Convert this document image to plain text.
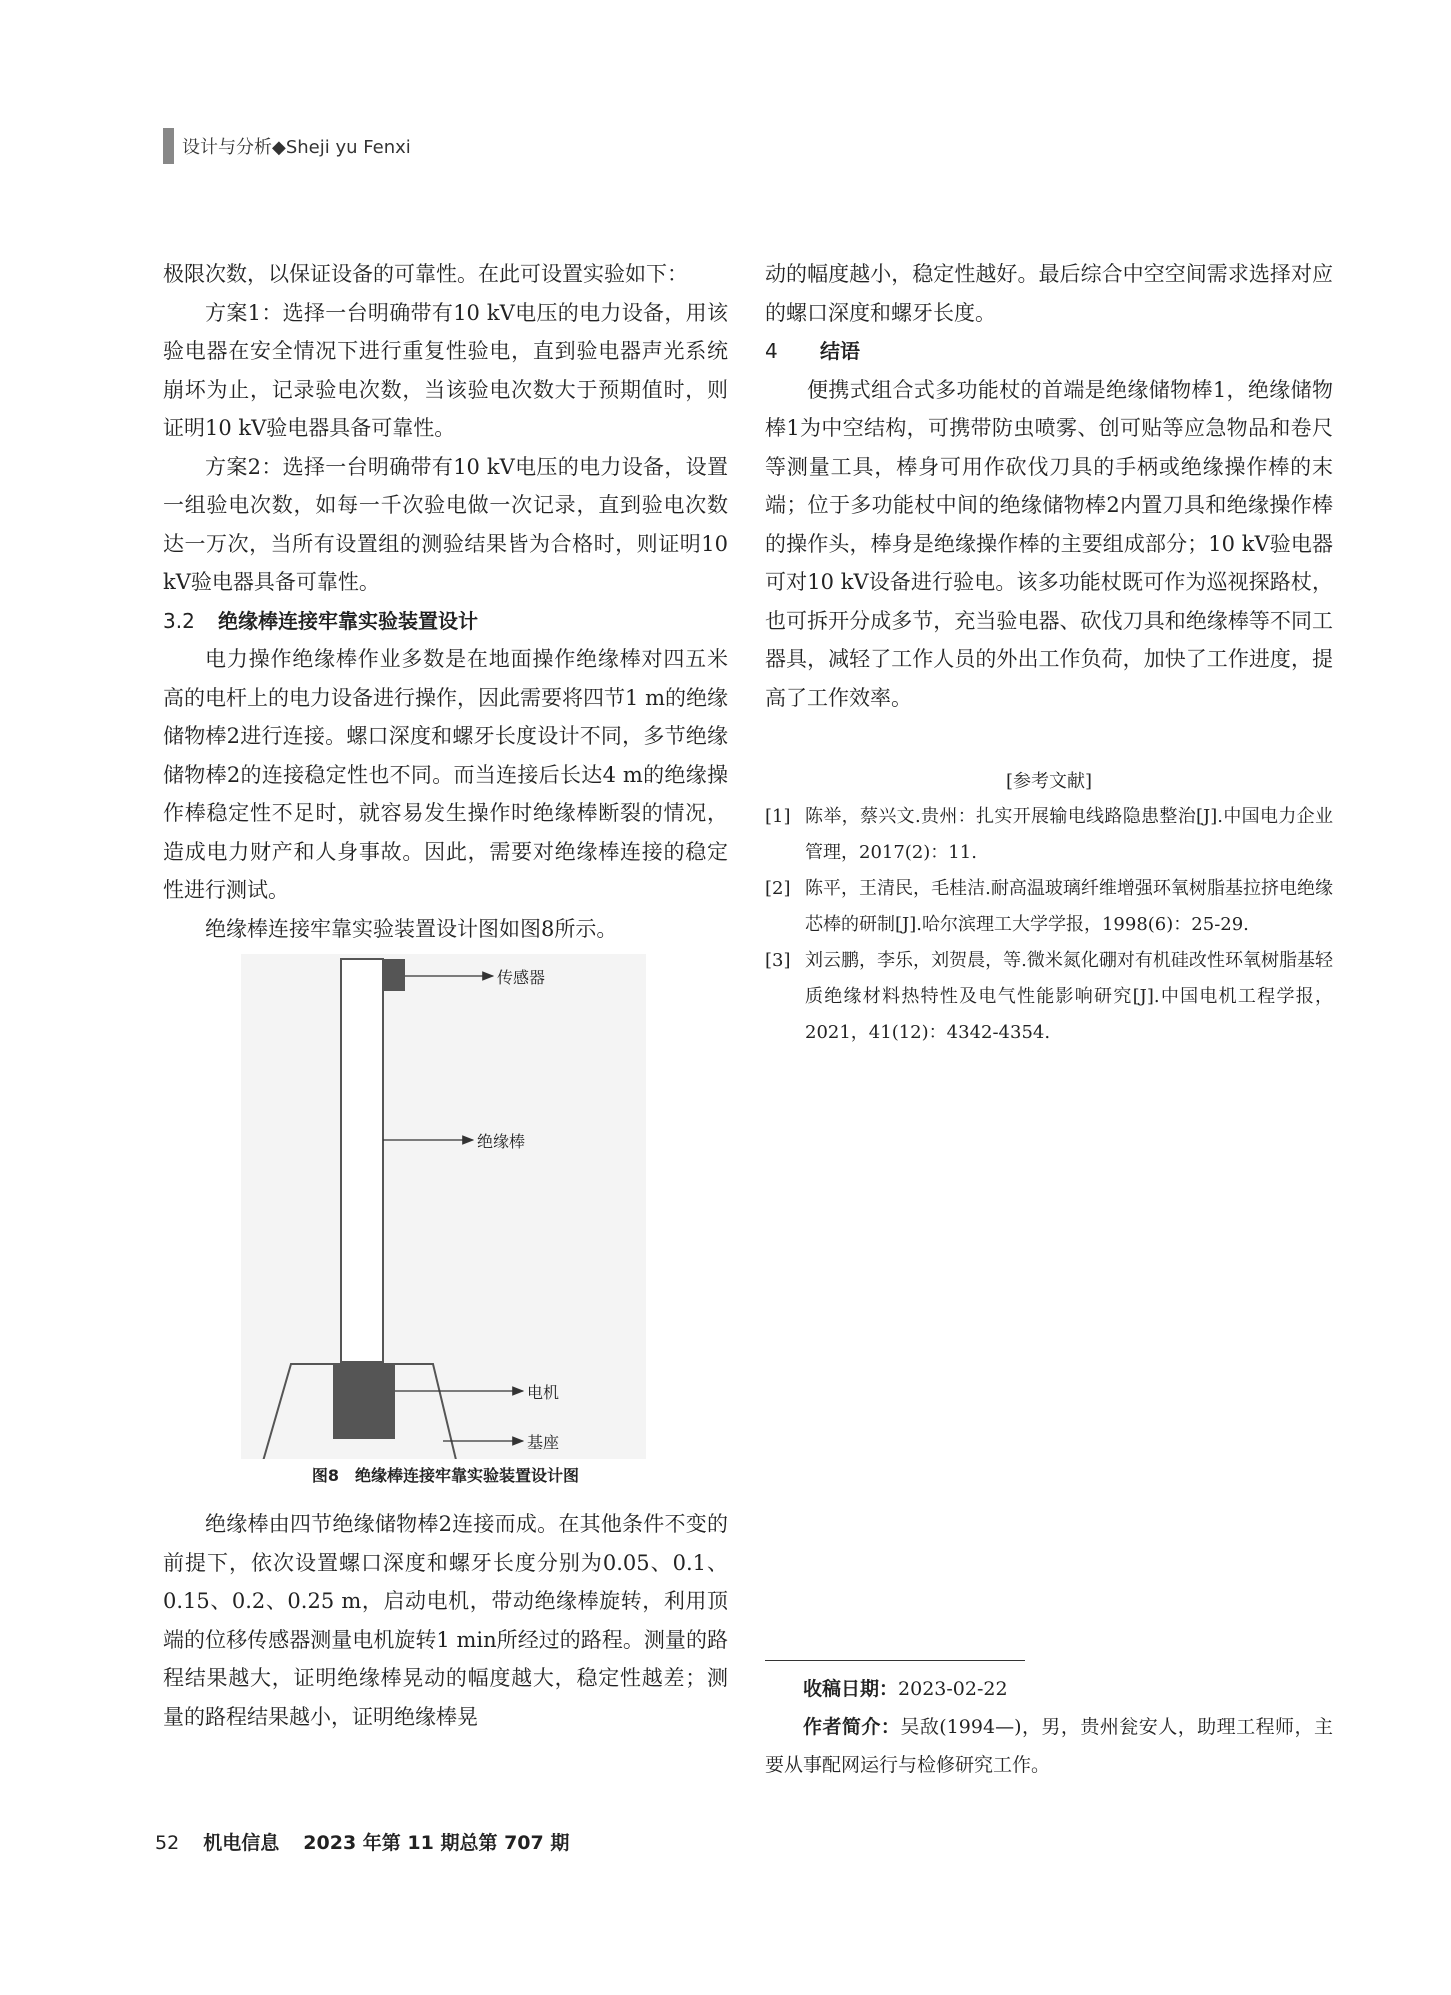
设计与分析◆Sheji yu Fenxi

极限次数，以保证设备的可靠性。在此可设置实验如下：

方案1：选择一台明确带有10 kV电压的电力设备，用该验电器在安全情况下进行重复性验电，直到验电器声光系统崩坏为止，记录验电次数，当该验电次数大于预期值时，则证明10 kV验电器具备可靠性。

方案2：选择一台明确带有10 kV电压的电力设备，设置一组验电次数，如每一千次验电做一次记录，直到验电次数达一万次，当所有设置组的测验结果皆为合格时，则证明10 kV验电器具备可靠性。

3.2 绝缘棒连接牢靠实验装置设计

电力操作绝缘棒作业多数是在地面操作绝缘棒对四五米高的电杆上的电力设备进行操作，因此需要将四节1 m的绝缘储物棒2进行连接。螺口深度和螺牙长度设计不同，多节绝缘储物棒2的连接稳定性也不同。而当连接后长达4 m的绝缘操作棒稳定性不足时，就容易发生操作时绝缘棒断裂的情况，造成电力财产和人身事故。因此，需要对绝缘棒连接的稳定性进行测试。

绝缘棒连接牢靠实验装置设计图如图8所示。

传感器
绝缘棒
电机
基座
图8　绝缘棒连接牢靠实验装置设计图

绝缘棒由四节绝缘储物棒2连接而成。在其他条件不变的前提下，依次设置螺口深度和螺牙长度分别为0.05、0.1、0.15、0.2、0.25 m，启动电机，带动绝缘棒旋转，利用顶端的位移传感器测量电机旋转1 min所经过的路程。测量的路程结果越大，证明绝缘棒晃动的幅度越大，稳定性越差；测量的路程结果越小，证明绝缘棒晃

动的幅度越小，稳定性越好。最后综合中空空间需求选择对应的螺口深度和螺牙长度。

4 结语

便携式组合式多功能杖的首端是绝缘储物棒1，绝缘储物棒1为中空结构，可携带防虫喷雾、创可贴等应急物品和卷尺等测量工具，棒身可用作砍伐刀具的手柄或绝缘操作棒的末端；位于多功能杖中间的绝缘储物棒2内置刀具和绝缘操作棒的操作头，棒身是绝缘操作棒的主要组成部分；10 kV验电器可对10 kV设备进行验电。该多功能杖既可作为巡视探路杖，也可拆开分成多节，充当验电器、砍伐刀具和绝缘棒等不同工器具，减轻了工作人员的外出工作负荷，加快了工作进度，提高了工作效率。

[参考文献]
[1] 陈举，蔡兴文.贵州：扎实开展输电线路隐患整治[J].中国电力企业管理，2017(2)：11.
[2] 陈平，王清民，毛桂洁.耐高温玻璃纤维增强环氧树脂基拉挤电绝缘芯棒的研制[J].哈尔滨理工大学学报，1998(6)：25-29.
[3] 刘云鹏，李乐，刘贺晨，等.微米氮化硼对有机硅改性环氧树脂基轻质绝缘材料热特性及电气性能影响研究[J].中国电机工程学报，2021，41(12)：4342-4354.

收稿日期：2023-02-22

作者简介：吴敌(1994—)，男，贵州瓮安人，助理工程师，主要从事配网运行与检修研究工作。

52 机电信息 2023 年第 11 期总第 707 期
